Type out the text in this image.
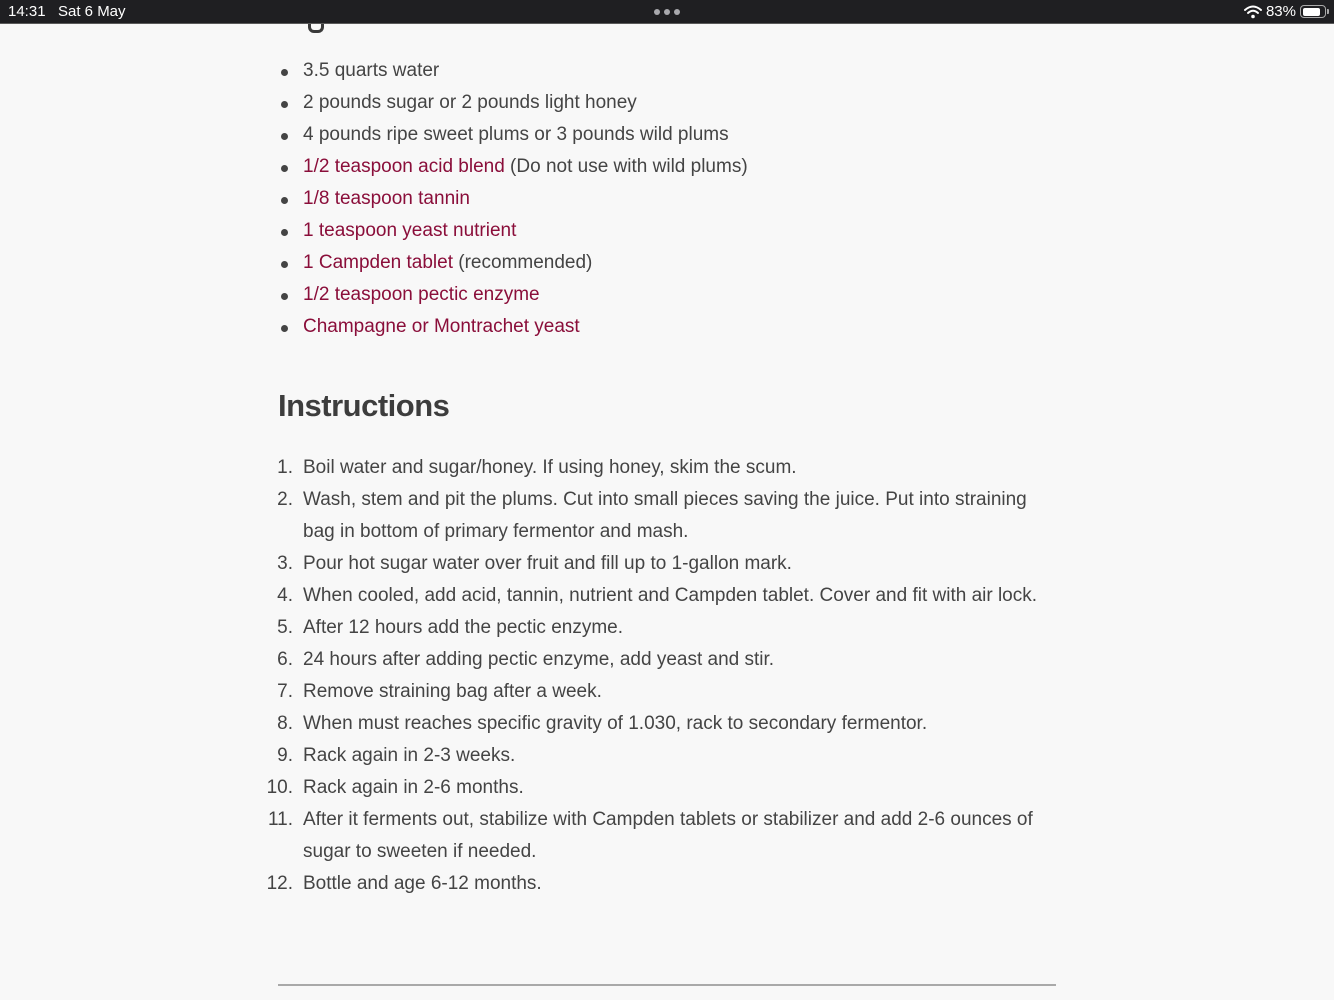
14:31 Sat 6 May	83%
3.5 quarts water
2 pounds sugar or 2 pounds light honey
4 pounds ripe sweet plums or 3 pounds wild plums
1/2 teaspoon acid blend (Do not use with wild plums)
1/8 teaspoon tannin
1 teaspoon yeast nutrient
1 Campden tablet (recommended)
1/2 teaspoon pectic enzyme
Champagne or Montrachet yeast
Instructions
1. Boil water and sugar/honey. If using honey, skim the scum.
2. Wash, stem and pit the plums. Cut into small pieces saving the juice. Put into straining bag in bottom of primary fermentor and mash.
3. Pour hot sugar water over fruit and fill up to 1-gallon mark.
4. When cooled, add acid, tannin, nutrient and Campden tablet. Cover and fit with air lock.
5. After 12 hours add the pectic enzyme.
6. 24 hours after adding pectic enzyme, add yeast and stir.
7. Remove straining bag after a week.
8. When must reaches specific gravity of 1.030, rack to secondary fermentor.
9. Rack again in 2-3 weeks.
10. Rack again in 2-6 months.
11. After it ferments out, stabilize with Campden tablets or stabilizer and add 2-6 ounces of sugar to sweeten if needed.
12. Bottle and age 6-12 months.
